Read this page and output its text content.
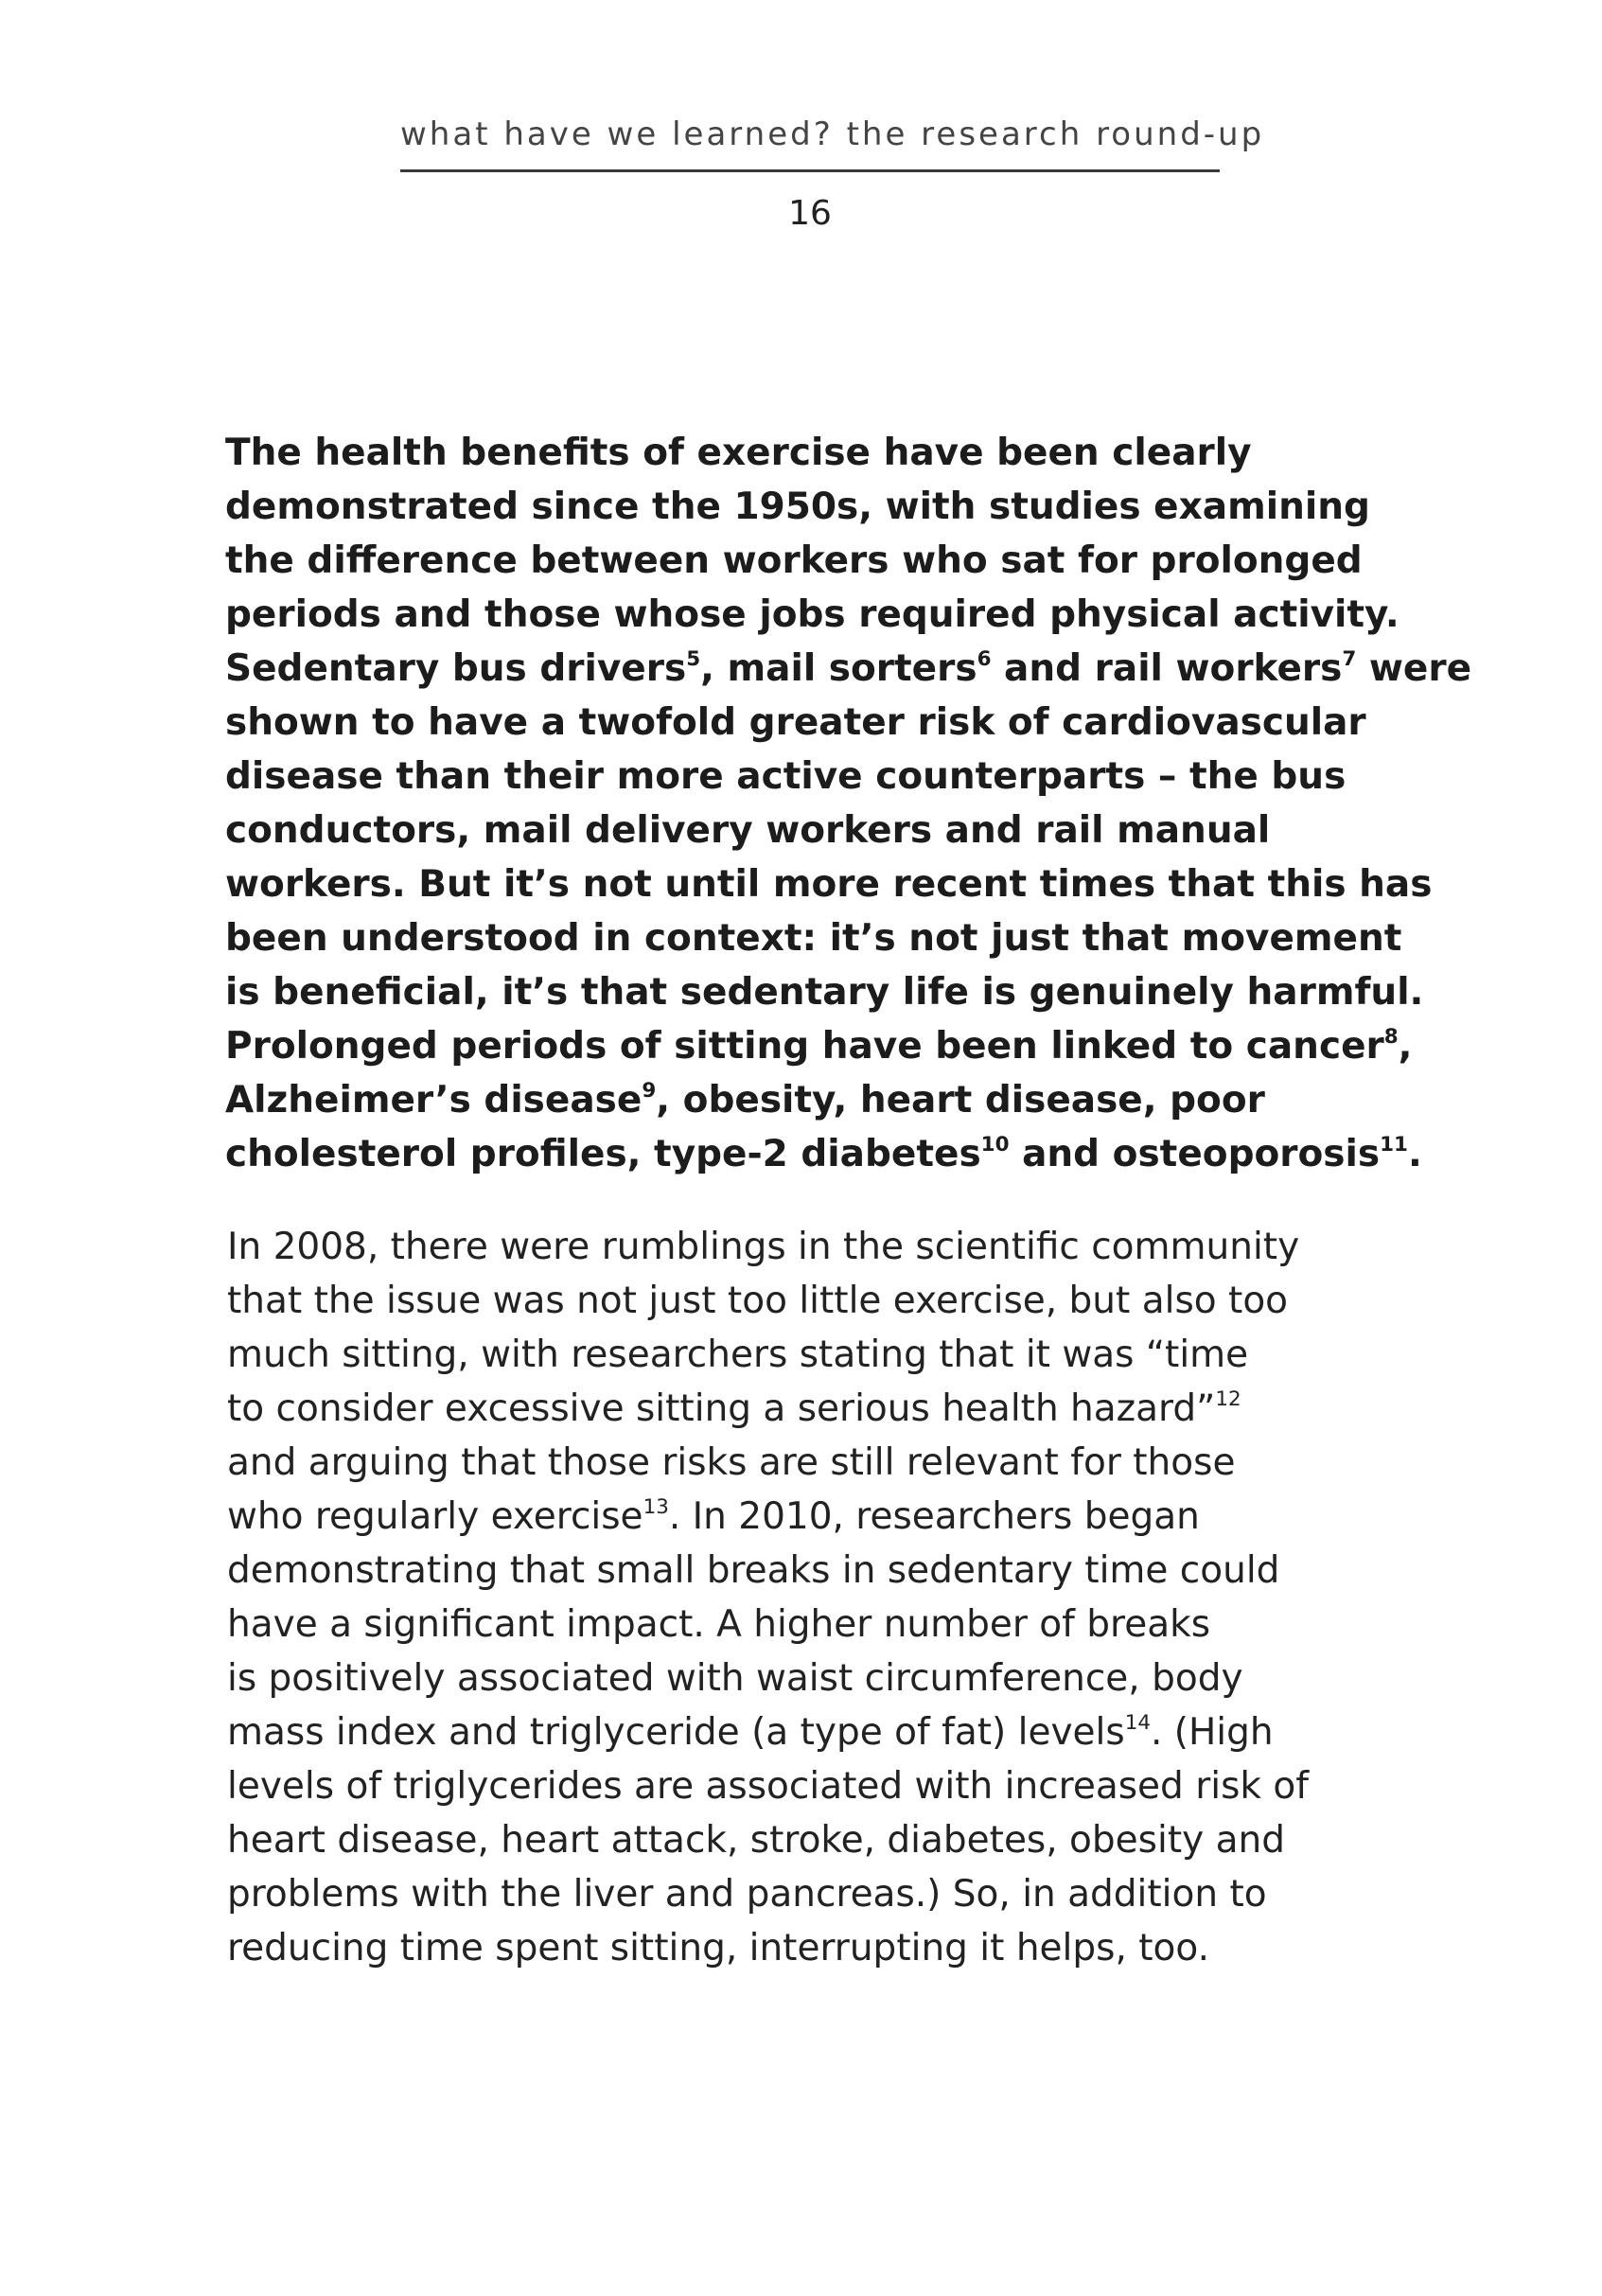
what have we learned? the research round-up
16

The health benefits of exercise have been clearly
demonstrated since the 1950s, with studies examining
the difference between workers who sat for prolonged
periods and those whose jobs required physical activity.
Sedentary bus drivers$^5$, mail sorters$^6$ and rail workers$^7$ were
shown to have a twofold greater risk of cardiovascular
disease than their more active counterparts – the bus
conductors, mail delivery workers and rail manual
workers. But it’s not until more recent times that this has
been understood in context: it’s not just that movement
is beneficial, it’s that sedentary life is genuinely harmful.
Prolonged periods of sitting have been linked to cancer$^8$,
Alzheimer’s disease$^9$, obesity, heart disease, poor
cholesterol profiles, type-2 diabetes$^{10}$ and osteoporosis$^{11}$.

In 2008, there were rumblings in the scientific community
that the issue was not just too little exercise, but also too
much sitting, with researchers stating that it was “time
to consider excessive sitting a serious health hazard”$^{12}$
and arguing that those risks are still relevant for those
who regularly exercise$^{13}$. In 2010, researchers began
demonstrating that small breaks in sedentary time could
have a significant impact. A higher number of breaks
is positively associated with waist circumference, body
mass index and triglyceride (a type of fat) levels$^{14}$. (High
levels of triglycerides are associated with increased risk of
heart disease, heart attack, stroke, diabetes, obesity and
problems with the liver and pancreas.) So, in addition to
reducing time spent sitting, interrupting it helps, too.
